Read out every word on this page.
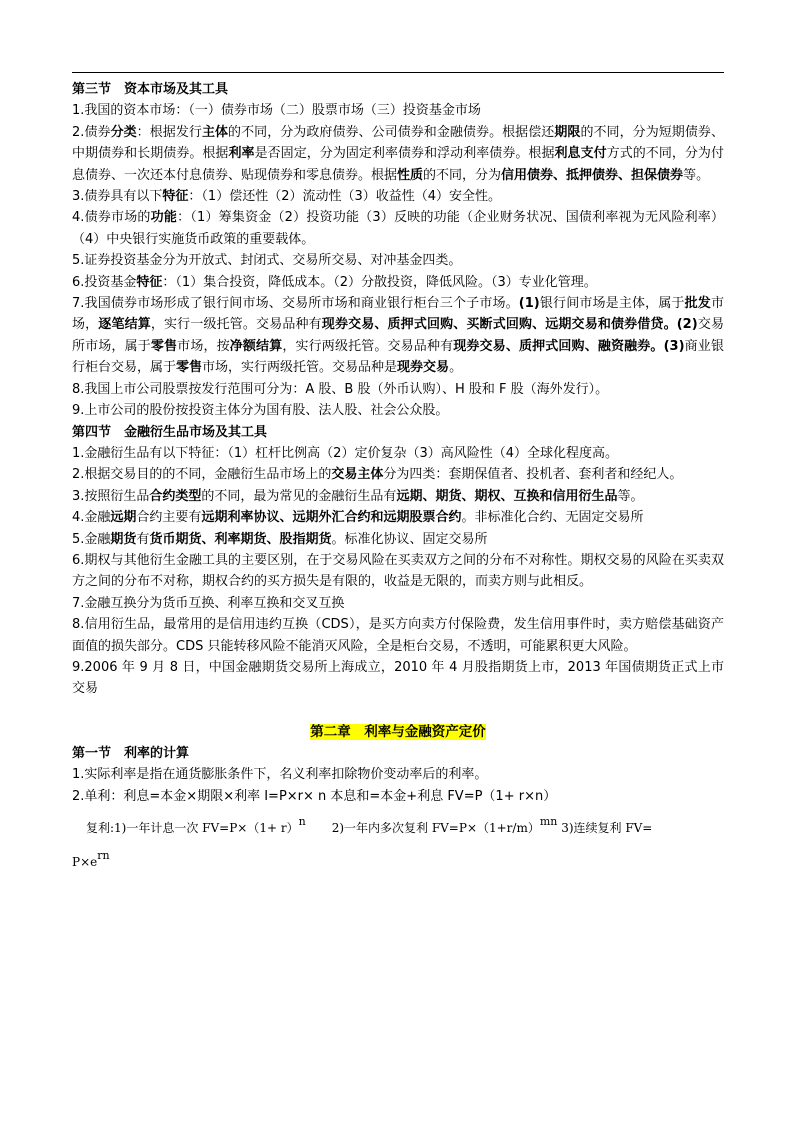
第三节　资本市场及其工具

1.我国的资本市场：（一）债券市场（二）股票市场（三）投资基金市场

2.债券分类：根据发行主体的不同，分为政府债券、公司债券和金融债券。根据偿还期限的不同，分为短期债券、中期债券和长期债券。根据利率是否固定，分为固定利率债券和浮动利率债券。根据利息支付方式的不同，分为付息债券、一次还本付息债券、贴现债券和零息债券。根据性质的不同，分为信用债券、抵押债券、担保债券等。

3.债券具有以下特征：（1）偿还性（2）流动性（3）收益性（4）安全性。

4.债券市场的功能：（1）筹集资金（2）投资功能（3）反映的功能（企业财务状况、国债利率视为无风险利率）（4）中央银行实施货币政策的重要载体。

5.证券投资基金分为开放式、封闭式、交易所交易、对冲基金四类。

6.投资基金特征：（1）集合投资，降低成本。（2）分散投资，降低风险。（3）专业化管理。

7.我国债券市场形成了银行间市场、交易所市场和商业银行柜台三个子市场。(1)银行间市场是主体，属于批发市场，逐笔结算，实行一级托管。交易品种有现券交易、质押式回购、买断式回购、远期交易和债券借贷。(2)交易所市场，属于零售市场，按净额结算，实行两级托管。交易品种有现券交易、质押式回购、融资融券。(3)商业银行柜台交易，属于零售市场，实行两级托管。交易品种是现券交易。

8.我国上市公司股票按发行范围可分为：A 股、B 股（外币认购）、H 股和 F 股（海外发行）。

9.上市公司的股份按投资主体分为国有股、法人股、社会公众股。

第四节　金融衍生品市场及其工具

1.金融衍生品有以下特征：（1）杠杆比例高（2）定价复杂（3）高风险性（4）全球化程度高。

2.根据交易目的的不同，金融衍生品市场上的交易主体分为四类：套期保值者、投机者、套利者和经纪人。

3.按照衍生品合约类型的不同，最为常见的金融衍生品有远期、期货、期权、互换和信用衍生品等。

4.金融远期合约主要有远期利率协议、远期外汇合约和远期股票合约。非标准化合约、无固定交易所

5.金融期货有货币期货、利率期货、股指期货。标准化协议、固定交易所

6.期权与其他衍生金融工具的主要区别，在于交易风险在买卖双方之间的分布不对称性。期权交易的风险在买卖双方之间的分布不对称，期权合约的买方损失是有限的，收益是无限的，而卖方则与此相反。

7.金融互换分为货币互换、利率互换和交叉互换

8.信用衍生品，最常用的是信用违约互换（CDS），是买方向卖方付保险费，发生信用事件时，卖方赔偿基础资产面值的损失部分。CDS 只能转移风险不能消灭风险，全是柜台交易，不透明，可能累积更大风险。

9.2006 年 9 月 8 日，中国金融期货交易所上海成立，2010 年 4 月股指期货上市，2013 年国债期货正式上市交易

第二章　利率与金融资产定价

第一节　利率的计算

1.实际利率是指在通货膨胀条件下，名义利率扣除物价变动率后的利率。

2.单利：利息=本金×期限×利率 I=P×r× n 本息和=本金+利息 FV=P（1+ r×n）

复利:1)一年计息一次 $FV=P\times(1+ r)^n$ 2)一年内多次复利 $FV=P\times(1+r/m)^{mn}$ 3)连续复利 FV=

$P\times e^{rn}$
